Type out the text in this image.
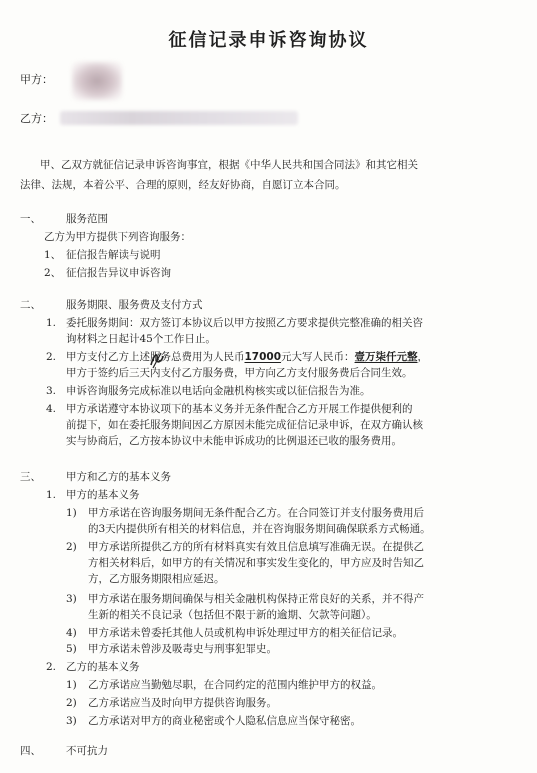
征信记录申诉咨询协议
甲方：
乙方：
甲、乙双方就征信记录申诉咨询事宜，根据《中华人民共和国合同法》和其它相关
法律、法规，本着公平、合理的原则，经友好协商，自愿订立本合同。
一、 服务范围
乙方为甲方提供下列咨询服务：
1、 征信报告解读与说明
2、 征信报告异议申诉咨询
二、 服务期限、服务费及支付方式
1. 委托服务期间：双方签订本协议后以甲方按照乙方要求提供完整准确的相关咨
询材料之日起计45个工作日止。
2. 甲方支付乙方上述服务总费用为人民币17000元大写人民币：壹万柒仟元整，
甲方于签约后三天内支付乙方服务费，甲方向乙方支付服务费后合同生效。
3. 申诉咨询服务完成标准以电话向金融机构核实或以征信报告为准。
4. 甲方承诺遵守本协议项下的基本义务并无条件配合乙方开展工作提供便利的
前提下，如在委托服务期间因乙方原因未能完成征信记录申诉，在双方确认核
实与协商后，乙方按本协议中未能申诉成功的比例退还已收的服务费用。
三、 甲方和乙方的基本义务
1. 甲方的基本义务
1) 甲方承诺在咨询服务期间无条件配合乙方。在合同签订并支付服务费用后
的3天内提供所有相关的材料信息，并在咨询服务期间确保联系方式畅通。
2) 甲方承诺所提供乙方的所有材料真实有效且信息填写准确无误。在提供乙
方相关材料后，如甲方的有关情况和事实发生变化的，甲方应及时告知乙
方，乙方服务期限相应延迟。
3) 甲方承诺在服务期间确保与相关金融机构保持正常良好的关系，并不得产
生新的相关不良记录（包括但不限于新的逾期、欠款等问题）。
4) 甲方承诺未曾委托其他人员或机构申诉处理过甲方的相关征信记录。
5) 甲方承诺未曾涉及吸毒史与刑事犯罪史。
2. 乙方的基本义务
1) 乙方承诺应当勤勉尽职，在合同约定的范围内维护甲方的权益。
2) 乙方承诺应当及时向甲方提供咨询服务。
3) 乙方承诺对甲方的商业秘密或个人隐私信息应当保守秘密。
四、 不可抗力
